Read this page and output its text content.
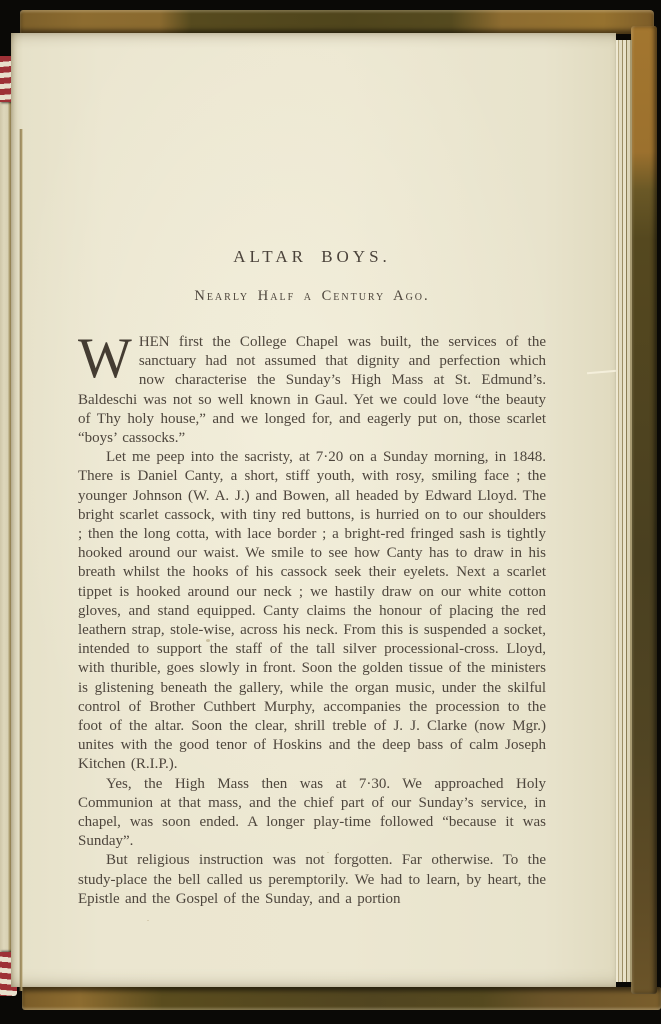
ALTAR BOYS.
Nearly Half a Century Ago.

WHEN first the College Chapel was built, the services of the sanctuary had not assumed that dignity and perfection which now characterise the Sunday’s High Mass at St. Edmund’s. Baldeschi was not so well known in Gaul. Yet we could love “the beauty of Thy holy house,” and we longed for, and eagerly put on, those scarlet “boys’ cassocks.”

Let me peep into the sacristy, at 7·20 on a Sunday morning, in 1848. There is Daniel Canty, a short, stiff youth, with rosy, smiling face ; the younger Johnson (W. A. J.) and Bowen, all headed by Edward Lloyd. The bright scarlet cassock, with tiny red buttons, is hurried on to our shoulders ; then the long cotta, with lace border ; a bright-red fringed sash is tightly hooked around our waist. We smile to see how Canty has to draw in his breath whilst the hooks of his cassock seek their eyelets. Next a scarlet tippet is hooked around our neck ; we hastily draw on our white cotton gloves, and stand equipped. Canty claims the honour of placing the red leathern strap, stole-wise, across his neck. From this is suspended a socket, intended to support the staff of the tall silver processional-cross. Lloyd, with thurible, goes slowly in front. Soon the golden tissue of the ministers is glistening beneath the gallery, while the organ music, under the skilful control of Brother Cuthbert Murphy, accompanies the procession to the foot of the altar. Soon the clear, shrill treble of J. J. Clarke (now Mgr.) unites with the good tenor of Hoskins and the deep bass of calm Joseph Kitchen (R.I.P.).

Yes, the High Mass then was at 7·30. We approached Holy Communion at that mass, and the chief part of our Sunday’s service, in chapel, was soon ended. A longer play-time followed “because it was Sunday”.

But religious instruction was not forgotten. Far otherwise. To the study-place the bell called us peremptorily. We had to learn, by heart, the Epistle and the Gospel of the Sunday, and a portion
